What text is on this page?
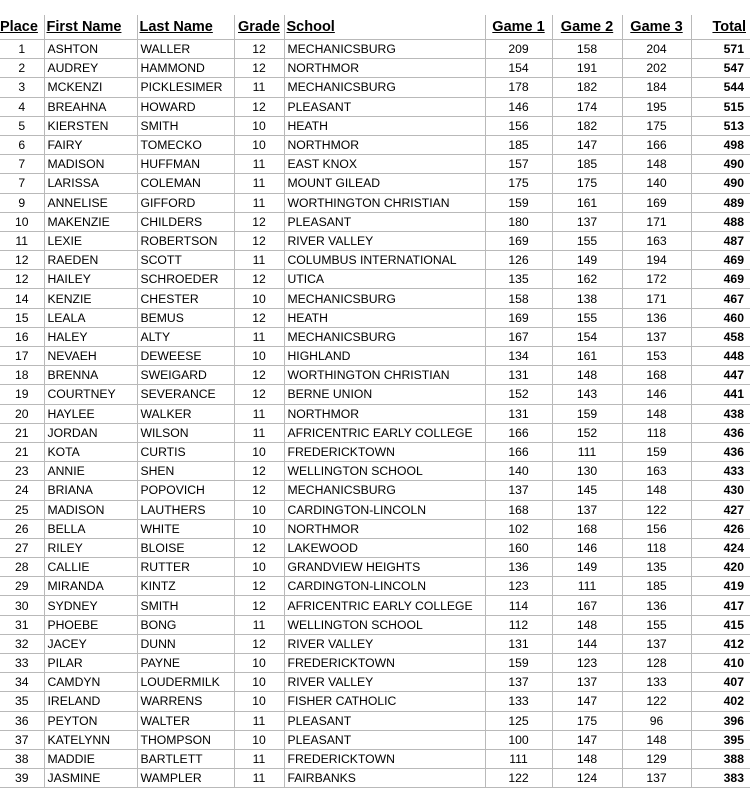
Place	First Name	Last Name	Grade	School	Game 1	Game 2	Game 3	Total
1	ASHTON	WALLER	12	MECHANICSBURG	209	158	204	571
2	AUDREY	HAMMOND	12	NORTHMOR	154	191	202	547
3	MCKENZI	PICKLESIMER	11	MECHANICSBURG	178	182	184	544
4	BREAHNA	HOWARD	12	PLEASANT	146	174	195	515
5	KIERSTEN	SMITH	10	HEATH	156	182	175	513
6	FAIRY	TOMECKO	10	NORTHMOR	185	147	166	498
7	MADISON	HUFFMAN	11	EAST KNOX	157	185	148	490
7	LARISSA	COLEMAN	11	MOUNT GILEAD	175	175	140	490
9	ANNELISE	GIFFORD	11	WORTHINGTON CHRISTIAN	159	161	169	489
10	MAKENZIE	CHILDERS	12	PLEASANT	180	137	171	488
11	LEXIE	ROBERTSON	12	RIVER VALLEY	169	155	163	487
12	RAEDEN	SCOTT	11	COLUMBUS INTERNATIONAL	126	149	194	469
12	HAILEY	SCHROEDER	12	UTICA	135	162	172	469
14	KENZIE	CHESTER	10	MECHANICSBURG	158	138	171	467
15	LEALA	BEMUS	12	HEATH	169	155	136	460
16	HALEY	ALTY	11	MECHANICSBURG	167	154	137	458
17	NEVAEH	DEWEESE	10	HIGHLAND	134	161	153	448
18	BRENNA	SWEIGARD	12	WORTHINGTON CHRISTIAN	131	148	168	447
19	COURTNEY	SEVERANCE	12	BERNE UNION	152	143	146	441
20	HAYLEE	WALKER	11	NORTHMOR	131	159	148	438
21	JORDAN	WILSON	11	AFRICENTRIC EARLY COLLEGE	166	152	118	436
21	KOTA	CURTIS	10	FREDERICKTOWN	166	111	159	436
23	ANNIE	SHEN	12	WELLINGTON SCHOOL	140	130	163	433
24	BRIANA	POPOVICH	12	MECHANICSBURG	137	145	148	430
25	MADISON	LAUTHERS	10	CARDINGTON-LINCOLN	168	137	122	427
26	BELLA	WHITE	10	NORTHMOR	102	168	156	426
27	RILEY	BLOISE	12	LAKEWOOD	160	146	118	424
28	CALLIE	RUTTER	10	GRANDVIEW HEIGHTS	136	149	135	420
29	MIRANDA	KINTZ	12	CARDINGTON-LINCOLN	123	111	185	419
30	SYDNEY	SMITH	12	AFRICENTRIC EARLY COLLEGE	114	167	136	417
31	PHOEBE	BONG	11	WELLINGTON SCHOOL	112	148	155	415
32	JACEY	DUNN	12	RIVER VALLEY	131	144	137	412
33	PILAR	PAYNE	10	FREDERICKTOWN	159	123	128	410
34	CAMDYN	LOUDERMILK	10	RIVER VALLEY	137	137	133	407
35	IRELAND	WARRENS	10	FISHER CATHOLIC	133	147	122	402
36	PEYTON	WALTER	11	PLEASANT	125	175	96	396
37	KATELYNN	THOMPSON	10	PLEASANT	100	147	148	395
38	MADDIE	BARTLETT	11	FREDERICKTOWN	111	148	129	388
39	JASMINE	WAMPLER	11	FAIRBANKS	122	124	137	383
